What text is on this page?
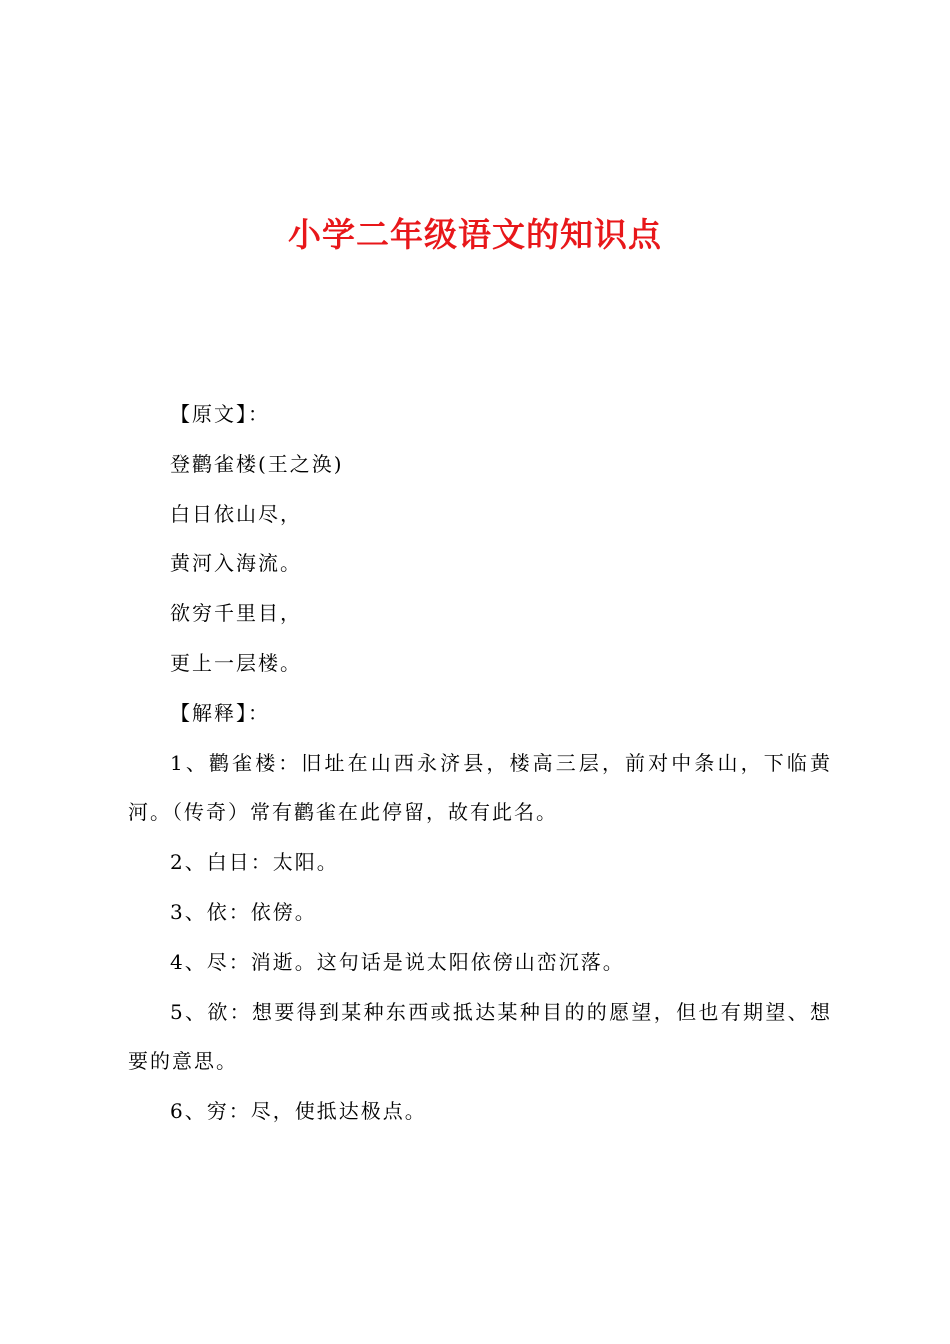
小学二年级语文的知识点

【原文】：

登鹳雀楼(王之涣)

白日依山尽，

黄河入海流。

欲穷千里目，

更上一层楼。

【解释】：

1、鹳雀楼：旧址在山西永济县，楼高三层，前对中条山，下临黄河。（传奇）常有鹳雀在此停留，故有此名。

2、白日：太阳。

3、依：依傍。

4、尽：消逝。这句话是说太阳依傍山峦沉落。

5、欲：想要得到某种东西或抵达某种目的的愿望，但也有期望、想要的意思。

6、穷：尽，使抵达极点。
